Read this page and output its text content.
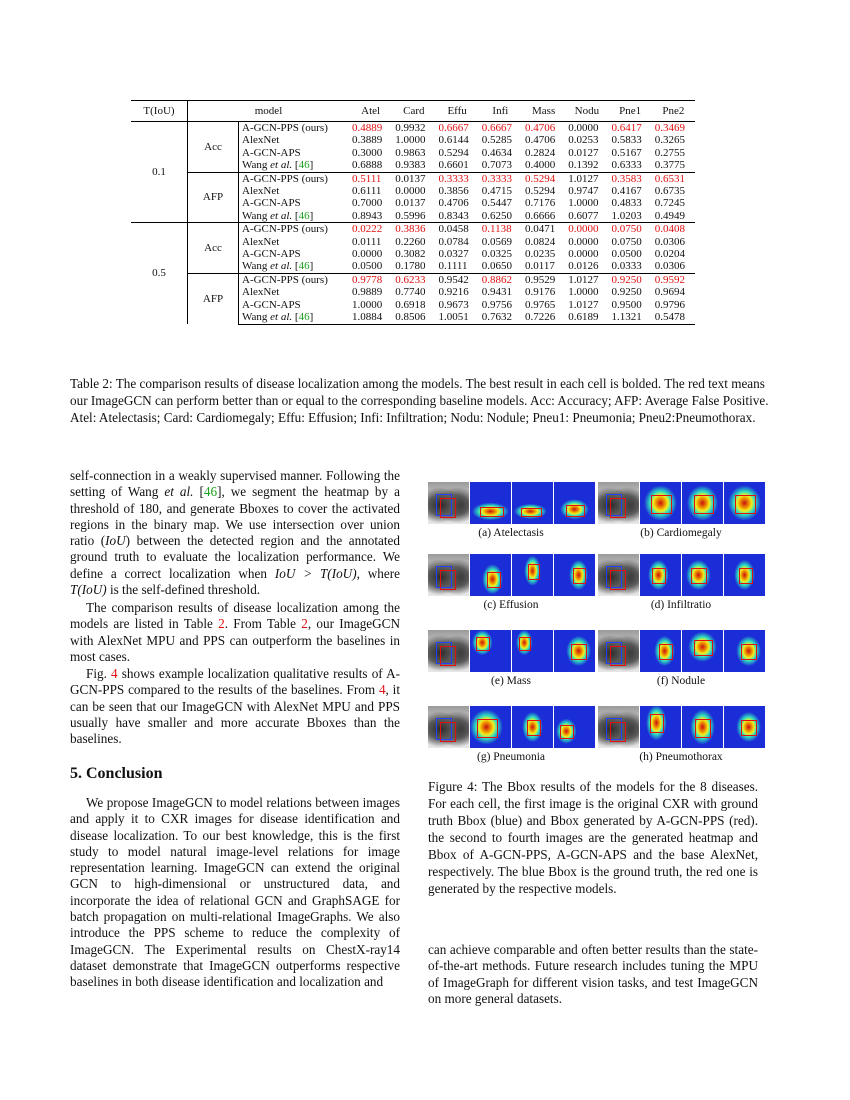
T(IoU)	model		Atel	Card	Effu	Infi	Mass	Nodu	Pne1	Pne2
0.1	Acc	A-GCN-PPS (ours)	0.4889	0.9932	0.6667	0.6667	0.4706	0.0000	0.6417	0.3469
		AlexNet	0.3889	1.0000	0.6144	0.5285	0.4706	0.0253	0.5833	0.3265
		A-GCN-APS	0.3000	0.9863	0.5294	0.4634	0.2824	0.0127	0.5167	0.2755
		Wang et al. [46]	0.6888	0.9383	0.6601	0.7073	0.4000	0.1392	0.6333	0.3775
	AFP	A-GCN-PPS (ours)	0.5111	0.0137	0.3333	0.3333	0.5294	1.0127	0.3583	0.6531
		AlexNet	0.6111	0.0000	0.3856	0.4715	0.5294	0.9747	0.4167	0.6735
		A-GCN-APS	0.7000	0.0137	0.4706	0.5447	0.7176	1.0000	0.4833	0.7245
		Wang et al. [46]	0.8943	0.5996	0.8343	0.6250	0.6666	0.6077	1.0203	0.4949
0.5	Acc	A-GCN-PPS (ours)	0.0222	0.3836	0.0458	0.1138	0.0471	0.0000	0.0750	0.0408
		AlexNet	0.0111	0.2260	0.0784	0.0569	0.0824	0.0000	0.0750	0.0306
		A-GCN-APS	0.0000	0.3082	0.0327	0.0325	0.0235	0.0000	0.0500	0.0204
		Wang et al. [46]	0.0500	0.1780	0.1111	0.0650	0.0117	0.0126	0.0333	0.0306
	AFP	A-GCN-PPS (ours)	0.9778	0.6233	0.9542	0.8862	0.9529	1.0127	0.9250	0.9592
		AlexNet	0.9889	0.7740	0.9216	0.9431	0.9176	1.0000	0.9250	0.9694
		A-GCN-APS	1.0000	0.6918	0.9673	0.9756	0.9765	1.0127	0.9500	0.9796
		Wang et al. [46]	1.0884	0.8506	1.0051	0.7632	0.7226	0.6189	1.1321	0.5478
Table 2: The comparison results of disease localization among the models. The best result in each cell is bolded. The red text means our ImageGCN can perform better than or equal to the corresponding baseline models. Acc: Accuracy; AFP: Average False Positive. Atel: Atelectasis; Card: Cardiomegaly; Effu: Effusion; Infi: Infiltration; Nodu: Nodule; Pneu1: Pneumonia; Pneu2:Pneumothorax.
self-connection in a weakly supervised manner. Following the setting of Wang et al. [46], we segment the heatmap by a threshold of 180, and generate Bboxes to cover the activated regions in the binary map. We use intersection over union ratio (IoU) between the detected region and the annotated ground truth to evaluate the localization performance. We define a correct localization when IoU > T(IoU), where T(IoU) is the self-defined threshold.
The comparison results of disease localization among the models are listed in Table 2. From Table 2, our ImageGCN with AlexNet MPU and PPS can outperform the baselines in most cases.
Fig. 4 shows example localization qualitative results of A-GCN-PPS compared to the results of the baselines. From 4, it can be seen that our ImageGCN with AlexNet MPU and PPS usually have smaller and more accurate Bboxes than the baselines.
5. Conclusion
We propose ImageGCN to model relations between images and apply it to CXR images for disease identification and disease localization. To our best knowledge, this is the first study to model natural image-level relations for image representation learning. ImageGCN can extend the original GCN to high-dimensional or unstructured data, and incorporate the idea of relational GCN and GraphSAGE for batch propagation on multi-relational ImageGraphs. We also introduce the PPS scheme to reduce the complexity of ImageGCN. The Experimental results on ChestX-ray14 dataset demonstrate that ImageGCN outperforms respective baselines in both disease identification and localization and
(a) Atelectasis	(b) Cardiomegaly
(c) Effusion	(d) Infiltratio
(e) Mass	(f) Nodule
(g) Pneumonia	(h) Pneumothorax
Figure 4: The Bbox results of the models for the 8 diseases. For each cell, the first image is the original CXR with ground truth Bbox (blue) and Bbox generated by A-GCN-PPS (red). the second to fourth images are the generated heatmap and Bbox of A-GCN-PPS, A-GCN-APS and the base AlexNet, respectively. The blue Bbox is the ground truth, the red one is generated by the respective models.
can achieve comparable and often better results than the state-of-the-art methods. Future research includes tuning the MPU of ImageGraph for different vision tasks, and test ImageGCN on more general datasets.
